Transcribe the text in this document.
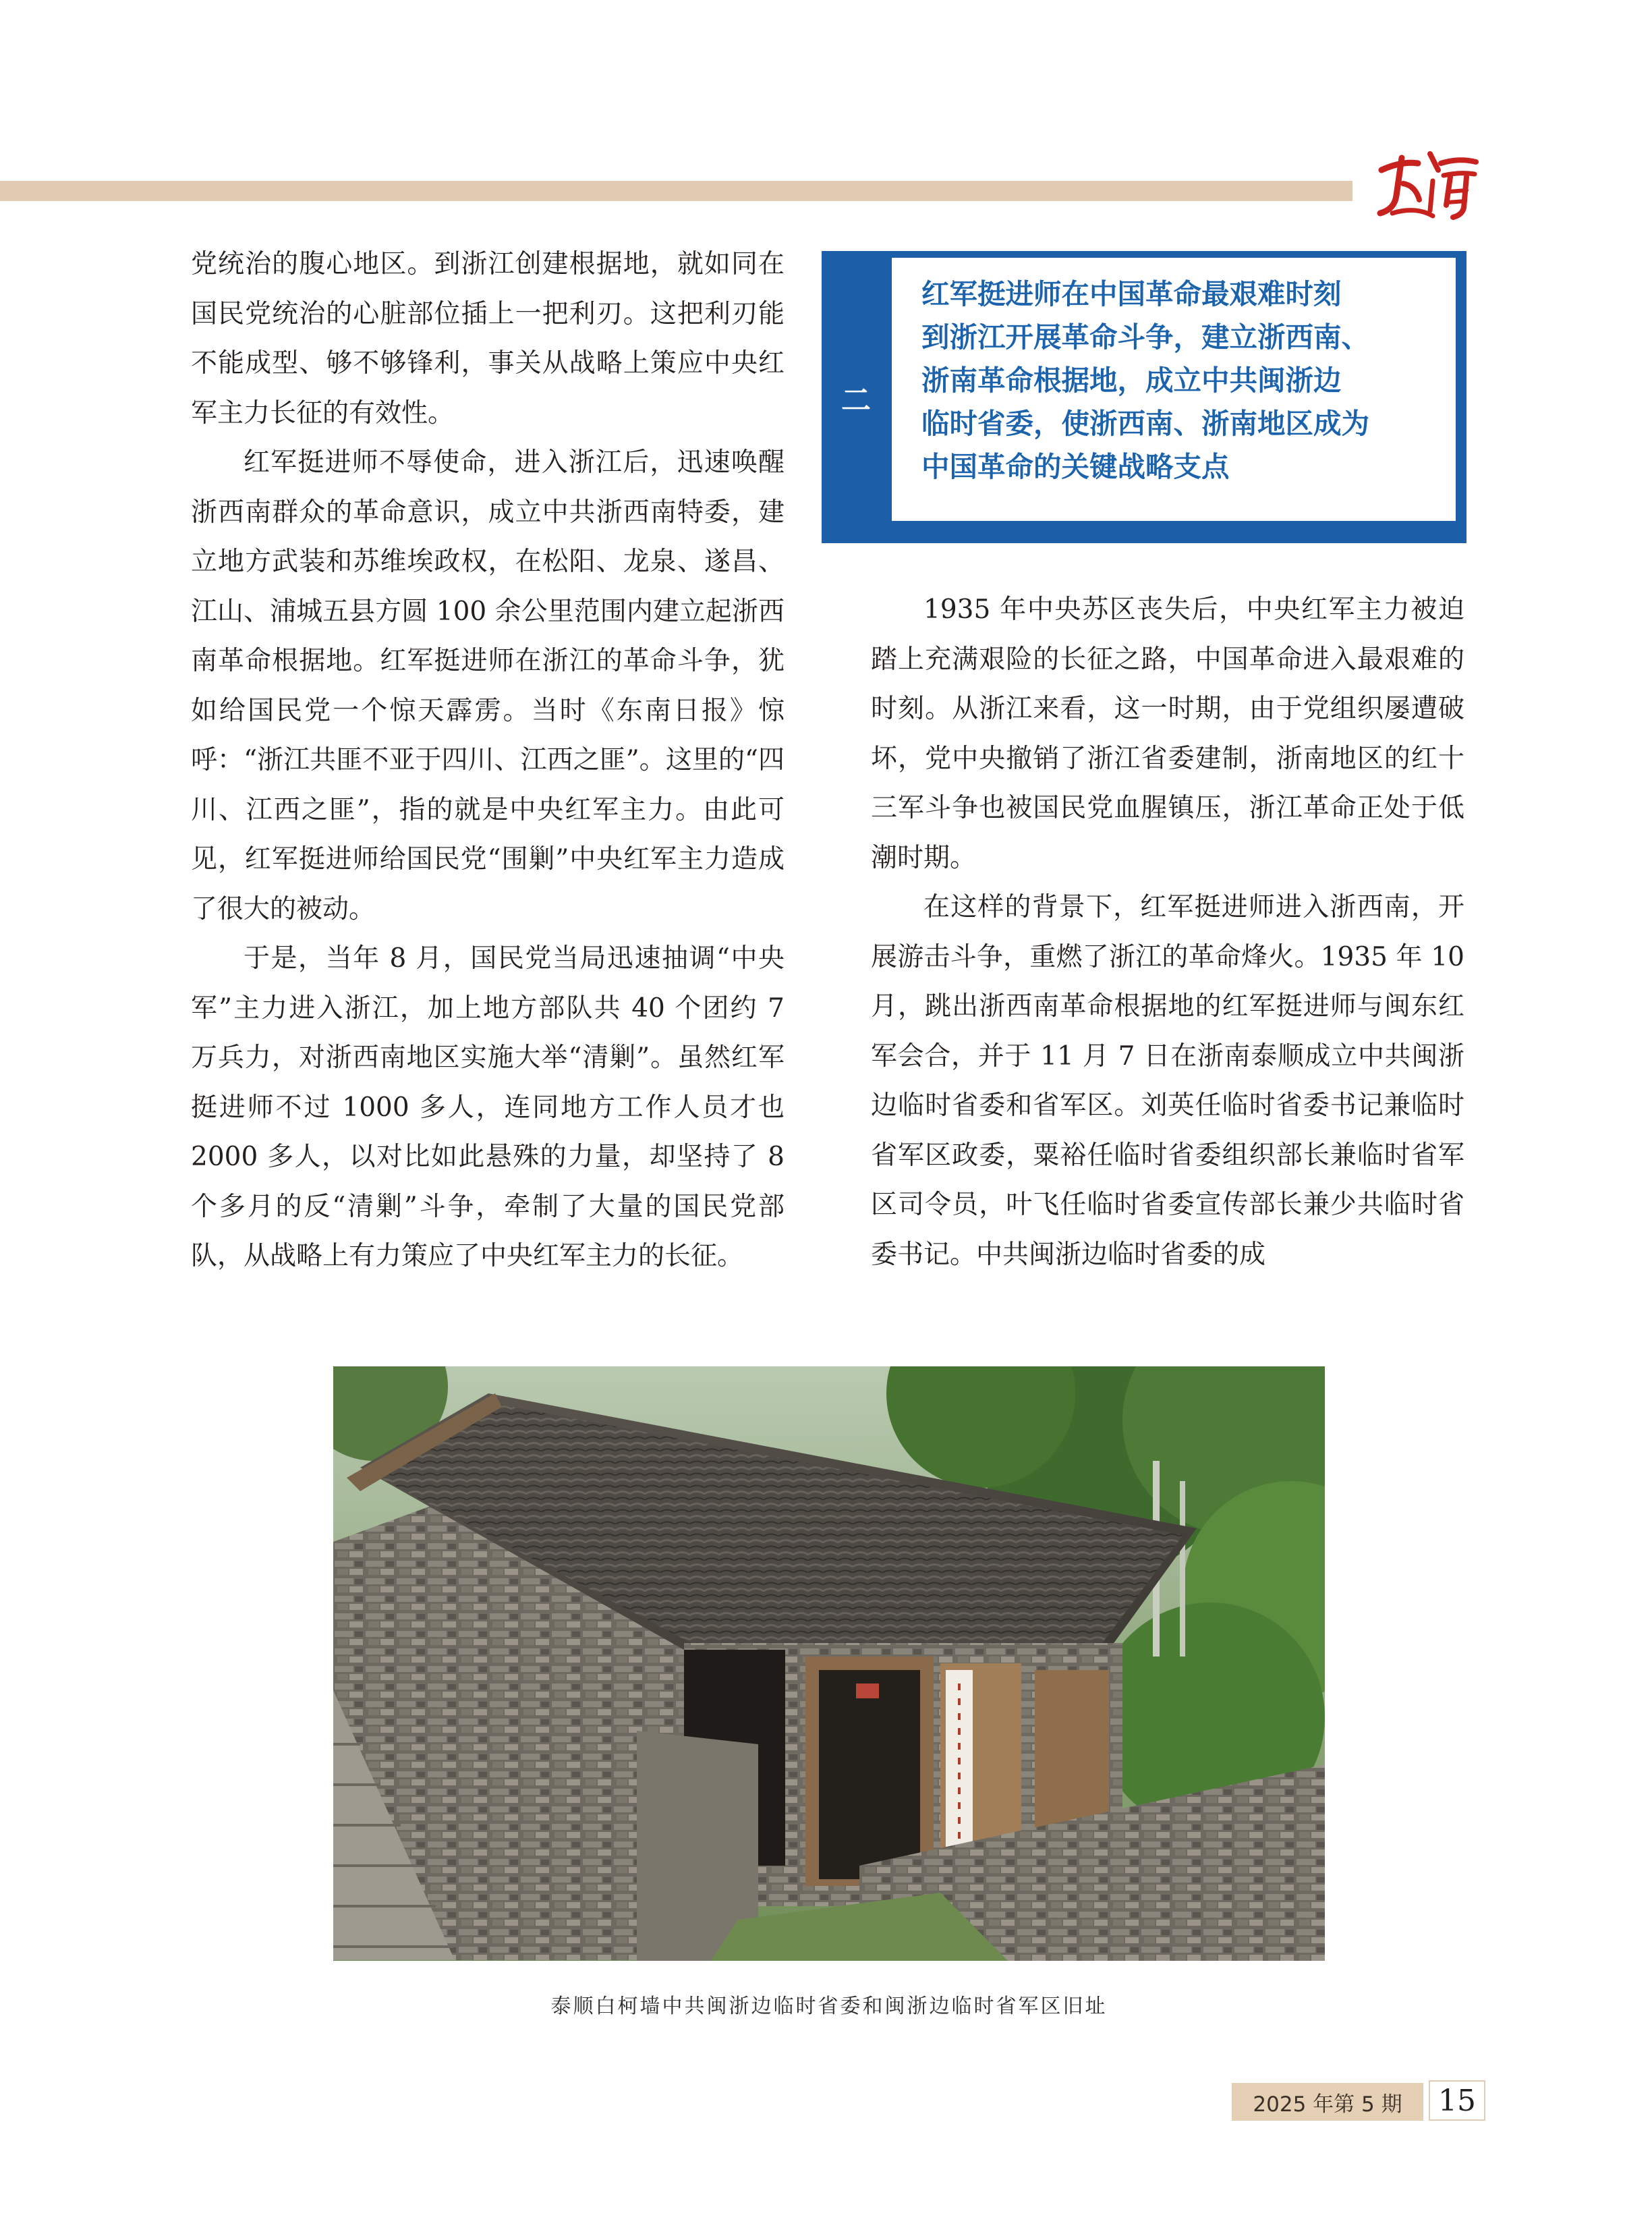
党统治的腹心地区。到浙江创建根据地，就如同在国民党统治的心脏部位插上一把利刃。这把利刃能不能成型、够不够锋利，事关从战略上策应中央红军主力长征的有效性。

红军挺进师不辱使命，进入浙江后，迅速唤醒浙西南群众的革命意识，成立中共浙西南特委，建立地方武装和苏维埃政权，在松阳、龙泉、遂昌、江山、浦城五县方圆 100 余公里范围内建立起浙西南革命根据地。红军挺进师在浙江的革命斗争，犹如给国民党一个惊天霹雳。当时《东南日报》惊呼：“浙江共匪不亚于四川、江西之匪”。这里的“四川、江西之匪”，指的就是中央红军主力。由此可见，红军挺进师给国民党“围剿”中央红军主力造成了很大的被动。

于是，当年 8 月，国民党当局迅速抽调“中央军”主力进入浙江，加上地方部队共 40 个团约 7 万兵力，对浙西南地区实施大举“清剿”。虽然红军挺进师不过 1000 多人，连同地方工作人员才也 2000 多人，以对比如此悬殊的力量，却坚持了 8 个多月的反“清剿”斗争，牵制了大量的国民党部队，从战略上有力策应了中央红军主力的长征。

二
红军挺进师在中国革命最艰难时刻
到浙江开展革命斗争，建立浙西南、
浙南革命根据地，成立中共闽浙边
临时省委，使浙西南、浙南地区成为
中国革命的关键战略支点

1935 年中央苏区丧失后，中央红军主力被迫踏上充满艰险的长征之路，中国革命进入最艰难的时刻。从浙江来看，这一时期，由于党组织屡遭破坏，党中央撤销了浙江省委建制，浙南地区的红十三军斗争也被国民党血腥镇压，浙江革命正处于低潮时期。

在这样的背景下，红军挺进师进入浙西南，开展游击斗争，重燃了浙江的革命烽火。1935 年 10 月，跳出浙西南革命根据地的红军挺进师与闽东红军会合，并于 11 月 7 日在浙南泰顺成立中共闽浙边临时省委和省军区。刘英任临时省委书记兼临时省军区政委，粟裕任临时省委组织部长兼临时省军区司令员，叶飞任临时省委宣传部长兼少共临时省委书记。中共闽浙边临时省委的成

泰顺白柯墙中共闽浙边临时省委和闽浙边临时省军区旧址
2025 年第 5 期	15
